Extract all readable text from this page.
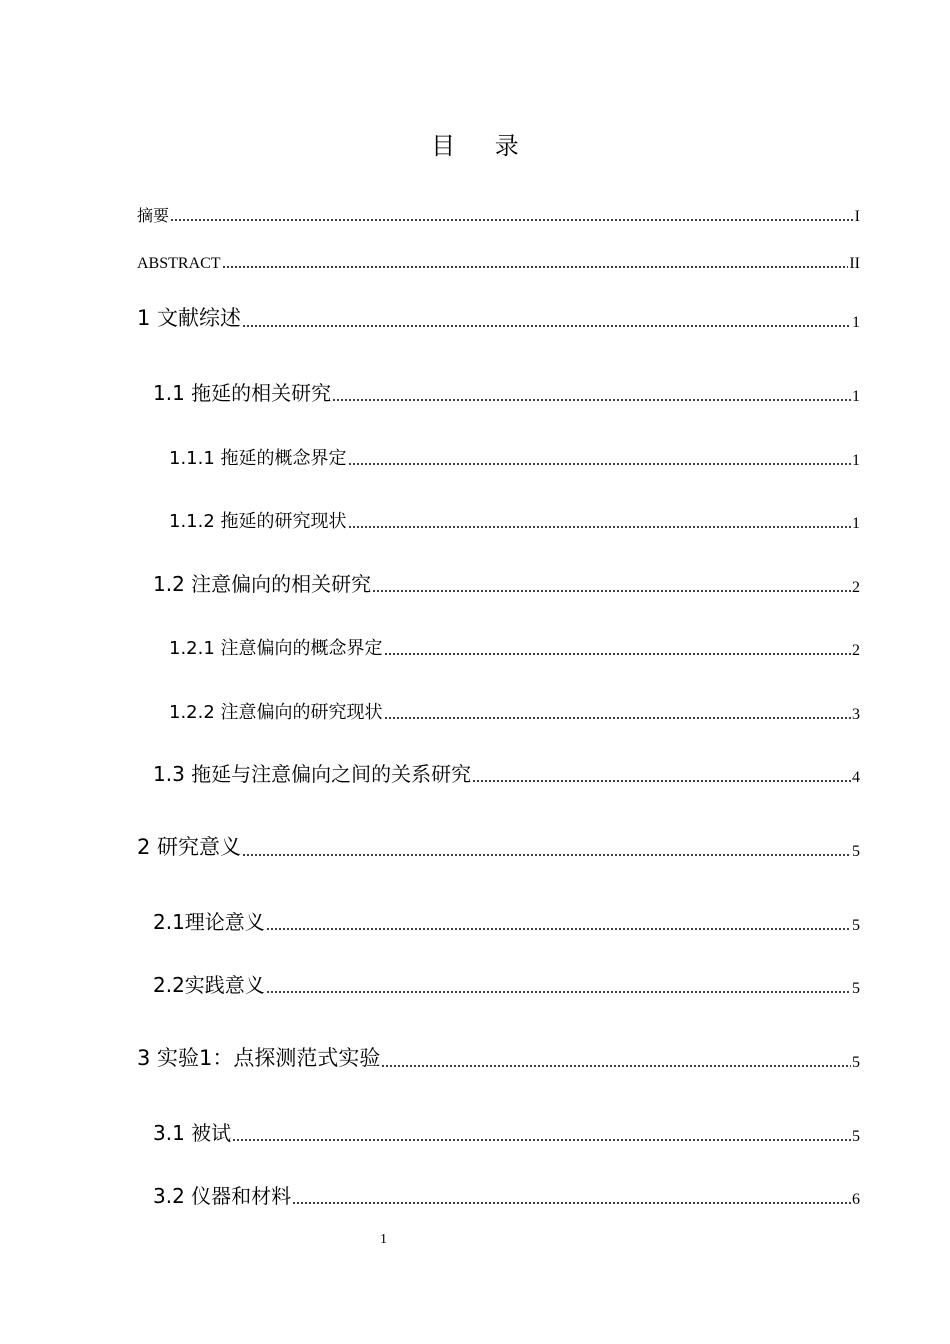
目 录
摘要	I
ABSTRACT	II
1 文献综述	1
1.1 拖延的相关研究	1
1.1.1 拖延的概念界定	1
1.1.2 拖延的研究现状	1
1.2 注意偏向的相关研究	2
1.2.1 注意偏向的概念界定	2
1.2.2 注意偏向的研究现状	3
1.3 拖延与注意偏向之间的关系研究	4
2 研究意义	5
2.1理论意义	5
2.2实践意义	5
3 实验1：点探测范式实验	5
3.1 被试	5
3.2 仪器和材料	6
1
